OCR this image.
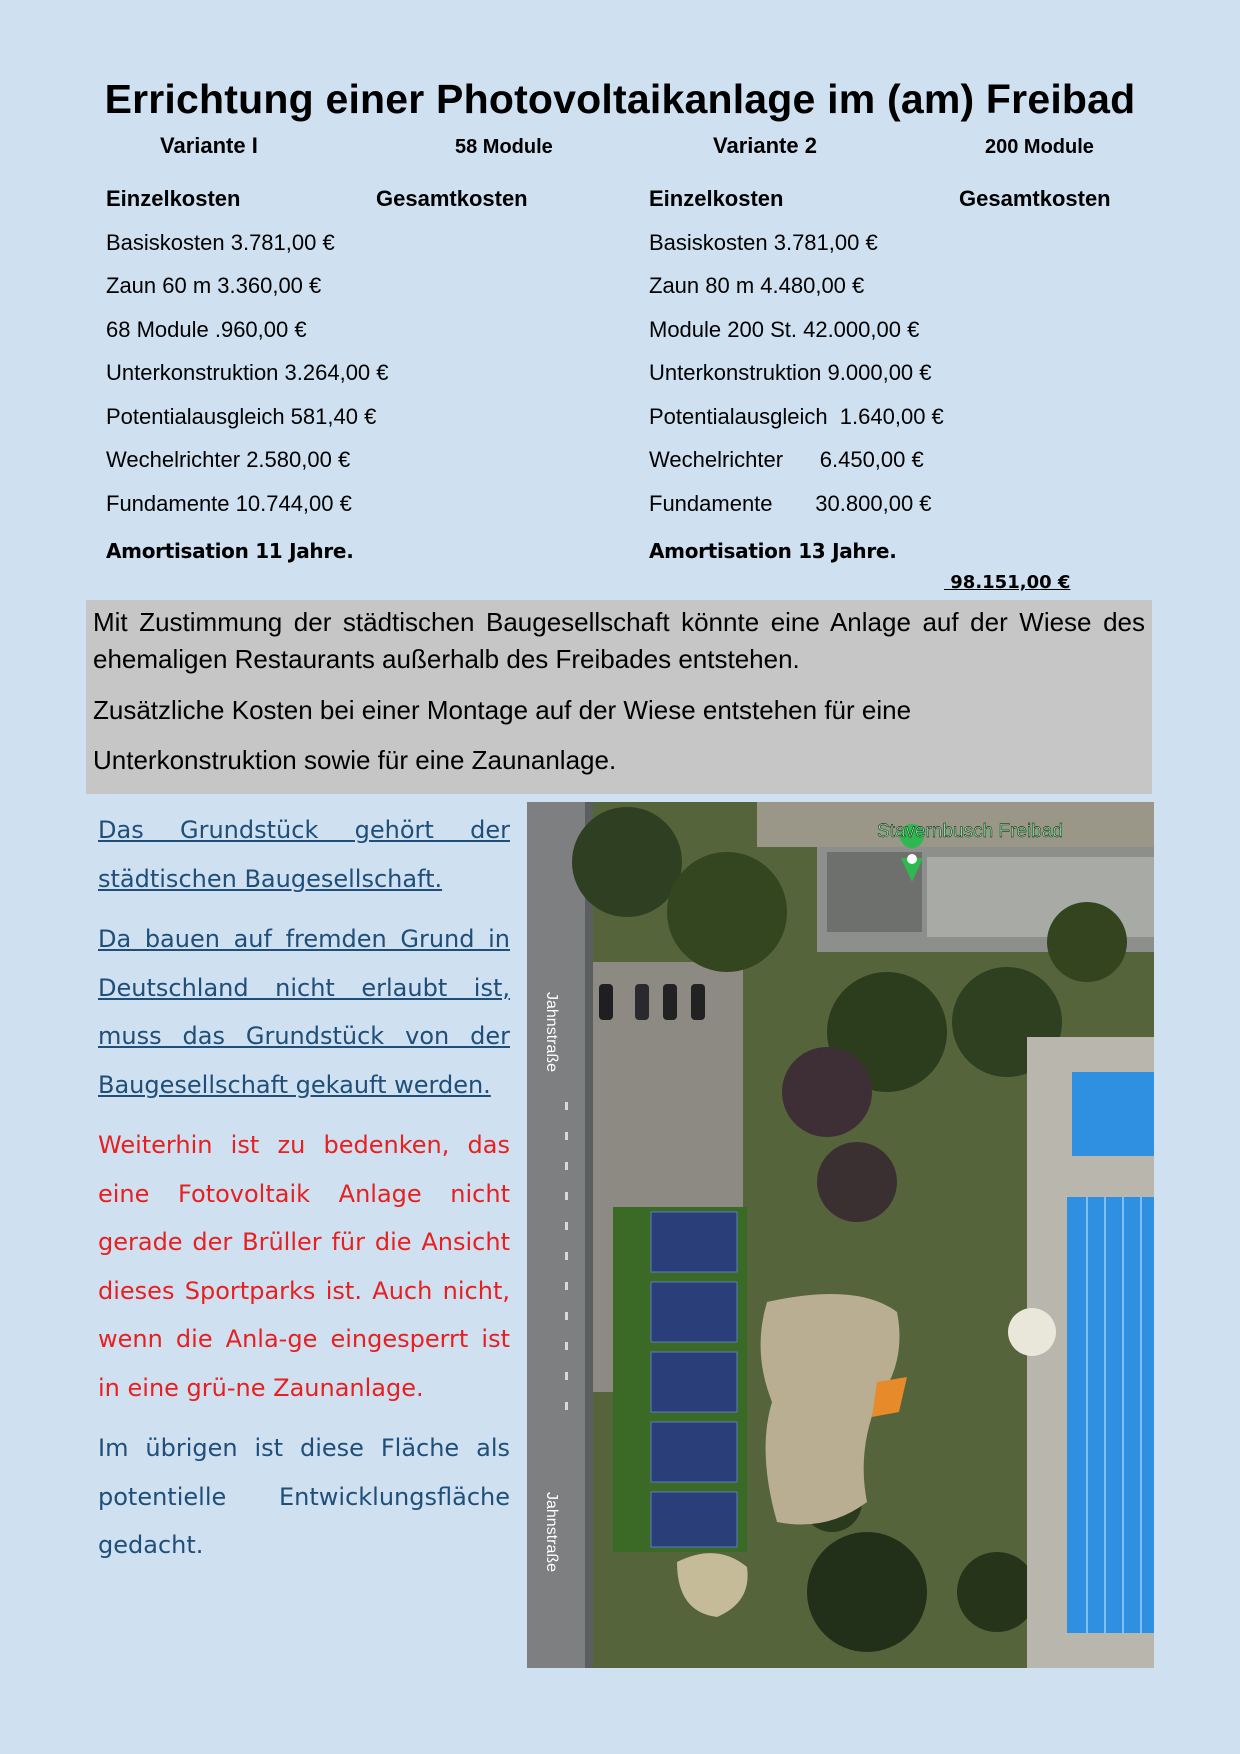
Errichtung einer Photovoltaikanlage im (am) Freibad
Variante I	58 Module	Variante 2	200 Module
Einzelkosten	Gesamtkosten	Einzelkosten	Gesamtkosten
Basiskosten 3.781,00 €
Zaun 60 m 3.360,00 €
68 Module .960,00 €
Unterkonstruktion 3.264,00 €
Potentialausgleich 581,40 €
Wechelrichter 2.580,00 €
Fundamente 10.744,00 €
Amortisation 11 Jahre.
Basiskosten 3.781,00 €
Zaun 80 m 4.480,00 €
Module 200 St. 42.000,00 €
Unterkonstruktion 9.000,00 €
Potentialausgleich  1.640,00 €
Wechelrichter      6.450,00 €
Fundamente       30.800,00 €
Amortisation 13 Jahre.
98.151,00 €

Mit Zustimmung der städtischen Baugesellschaft könnte eine Anlage auf der Wiese des ehemaligen Restaurants außerhalb des Freibades entstehen.

Zusätzliche Kosten bei einer Montage auf der Wiese entstehen für eine

Unterkonstruktion sowie für eine Zaunanlage.

Das Grundstück gehört der städtischen Baugesellschaft.

Da bauen auf fremden Grund in Deutschland nicht erlaubt ist, muss das Grundstück von der Baugesellschaft gekauft werden.

Weiterhin ist zu bedenken, das eine Fotovoltaik Anlage nicht gerade der Brüller für die Ansicht dieses Sportparks ist. Auch nicht, wenn die Anla-ge eingesperrt ist in eine grü-ne Zaunanlage.

Im übrigen ist diese Fläche als potentielle Entwicklungsfläche gedacht.

Stavernbusch Freibad
Jahnstraße
Jahnstraße
